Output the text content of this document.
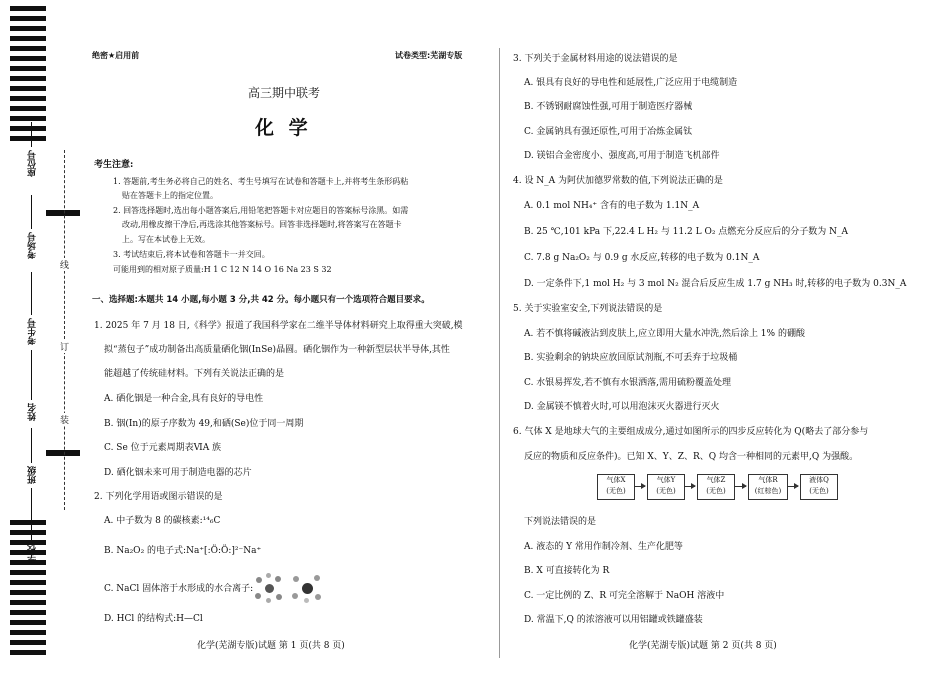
线
订
装
座位号
考场号
考生号
姓名
班级
学校
绝密★启用前	试卷类型:芜湖专版
高三期中联考
化 学
考生注意:
1. 答题前,考生务必将自己的姓名、考生号填写在试卷和答题卡上,并将考生条形码粘
贴在答题卡上的指定位置。
2. 回答选择题时,选出每小题答案后,用铅笔把答题卡对应题目的答案标号涂黑。如需
改动,用橡皮擦干净后,再选涂其他答案标号。回答非选择题时,将答案写在答题卡
上。写在本试卷上无效。
3. 考试结束后,将本试卷和答题卡一并交回。
可能用到的相对原子质量:H 1 C 12 N 14 O 16 Na 23 S 32
一、选择题:本题共 14 小题,每小题 3 分,共 42 分。每小题只有一个选项符合题目要求。
1. 2025 年 7 月 18 日,《科学》报道了我国科学家在二维半导体材料研究上取得重大突破,模
拟“蒸包子”成功制备出高质量硒化铟(InSe)晶圆。硒化铟作为一种新型层状半导体,其性
能超越了传统硅材料。下列有关说法正确的是
A. 硒化铟是一种合金,具有良好的导电性
B. 铟(In)的原子序数为 49,和硒(Se)位于同一周期
C. Se 位于元素周期表ⅥA 族
D. 硒化铟未来可用于制造电器的芯片
2. 下列化学用语或图示错误的是
A. 中子数为 8 的碳核素:¹⁴₆C
B. Na₂O₂ 的电子式:Na⁺[:Ö:Ö:]²⁻Na⁺
C. NaCl 固体溶于水形成的水合离子:
D. HCl 的结构式:H—Cl
化学(芜湖专版)试题 第 1 页(共 8 页)
3. 下列关于金属材料用途的说法错误的是
A. 银具有良好的导电性和延展性,广泛应用于电缆制造
B. 不锈钢耐腐蚀性强,可用于制造医疗器械
C. 金属钠具有强还原性,可用于冶炼金属钛
D. 镁铝合金密度小、强度高,可用于制造飞机部件
4. 设 N_A 为阿伏加德罗常数的值,下列说法正确的是
A. 0.1 mol NH₄⁺ 含有的电子数为 1.1N_A
B. 25 ℃,101 kPa 下,22.4 L H₂ 与 11.2 L O₂ 点燃充分反应后的分子数为 N_A
C. 7.8 g Na₂O₂ 与 0.9 g 水反应,转移的电子数为 0.1N_A
D. 一定条件下,1 mol H₂ 与 3 mol N₂ 混合后反应生成 1.7 g NH₃ 时,转移的电子数为 0.3N_A
5. 关于实验室安全,下列说法错误的是
A. 若不慎将碱液沾到皮肤上,应立即用大量水冲洗,然后涂上 1% 的硼酸
B. 实验剩余的钠块应放回原试剂瓶,不可丢弃于垃圾桶
C. 水银易挥发,若不慎有水银洒落,需用硫粉覆盖处理
D. 金属镁不慎着火时,可以用泡沫灭火器进行灭火
6. 气体 X 是地球大气的主要组成成分,通过如图所示的四步反应转化为 Q(略去了部分参与
反应的物质和反应条件)。已知 X、Y、Z、R、Q 均含一种相同的元素甲,Q 为强酸。
气体X
(无色)
气体Y
(无色)
气体Z
(无色)
气体R
(红棕色)
液体Q
(无色)
下列说法错误的是
A. 液态的 Y 常用作制冷剂、生产化肥等
B. X 可直接转化为 R
C. 一定比例的 Z、R 可完全溶解于 NaOH 溶液中
D. 常温下,Q 的浓溶液可以用铝罐或铁罐盛装
化学(芜湖专版)试题 第 2 页(共 8 页)
